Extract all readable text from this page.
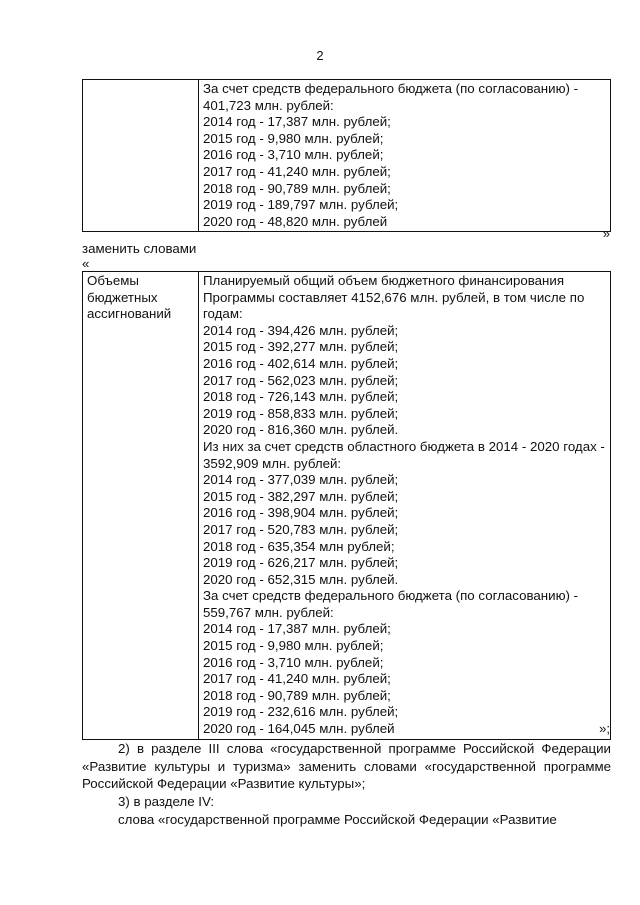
2

За счет средств федерального бюджета (по согласованию) -
401,723 млн. рублей:
2014 год - 17,387 млн. рублей;
2015 год - 9,980 млн. рублей;
2016 год - 3,710 млн. рублей;
2017 год - 41,240 млн. рублей;
2018 год - 90,789 млн. рублей;
2019 год - 189,797 млн. рублей;
2020 год - 48,820 млн. рублей
»
заменить словами
«
Объемы бюджетных ассигнований

Планируемый общий объем бюджетного финансирования Программы составляет 4152,676 млн. рублей, в том числе по годам:
2014 год - 394,426 млн. рублей;
2015 год - 392,277 млн. рублей;
2016 год - 402,614 млн. рублей;
2017 год - 562,023 млн. рублей;
2018 год - 726,143 млн. рублей;
2019 год - 858,833 млн. рублей;
2020 год - 816,360 млн. рублей.
Из них за счет средств областного бюджета в 2014 - 2020 годах - 3592,909 млн. рублей:
2014 год - 377,039 млн. рублей;
2015 год - 382,297 млн. рублей;
2016 год - 398,904 млн. рублей;
2017 год - 520,783 млн. рублей;
2018 год - 635,354 млн рублей;
2019 год - 626,217 млн. рублей;
2020 год - 652,315 млн. рублей.
За счет средств федерального бюджета (по согласованию) - 559,767 млн. рублей:
2014 год - 17,387 млн. рублей;
2015 год - 9,980 млн. рублей;
2016 год - 3,710 млн. рублей;
2017 год - 41,240 млн. рублей;
2018 год - 90,789 млн. рублей;
2019 год - 232,616 млн. рублей;
2020 год - 164,045 млн. рублей	»;
2) в разделе III слова «государственной программе Российской Федерации «Развитие культуры и туризма» заменить словами «государственной программе Российской Федерации «Развитие культуры»;
3) в разделе IV:
слова «государственной программе Российской Федерации «Развитие
